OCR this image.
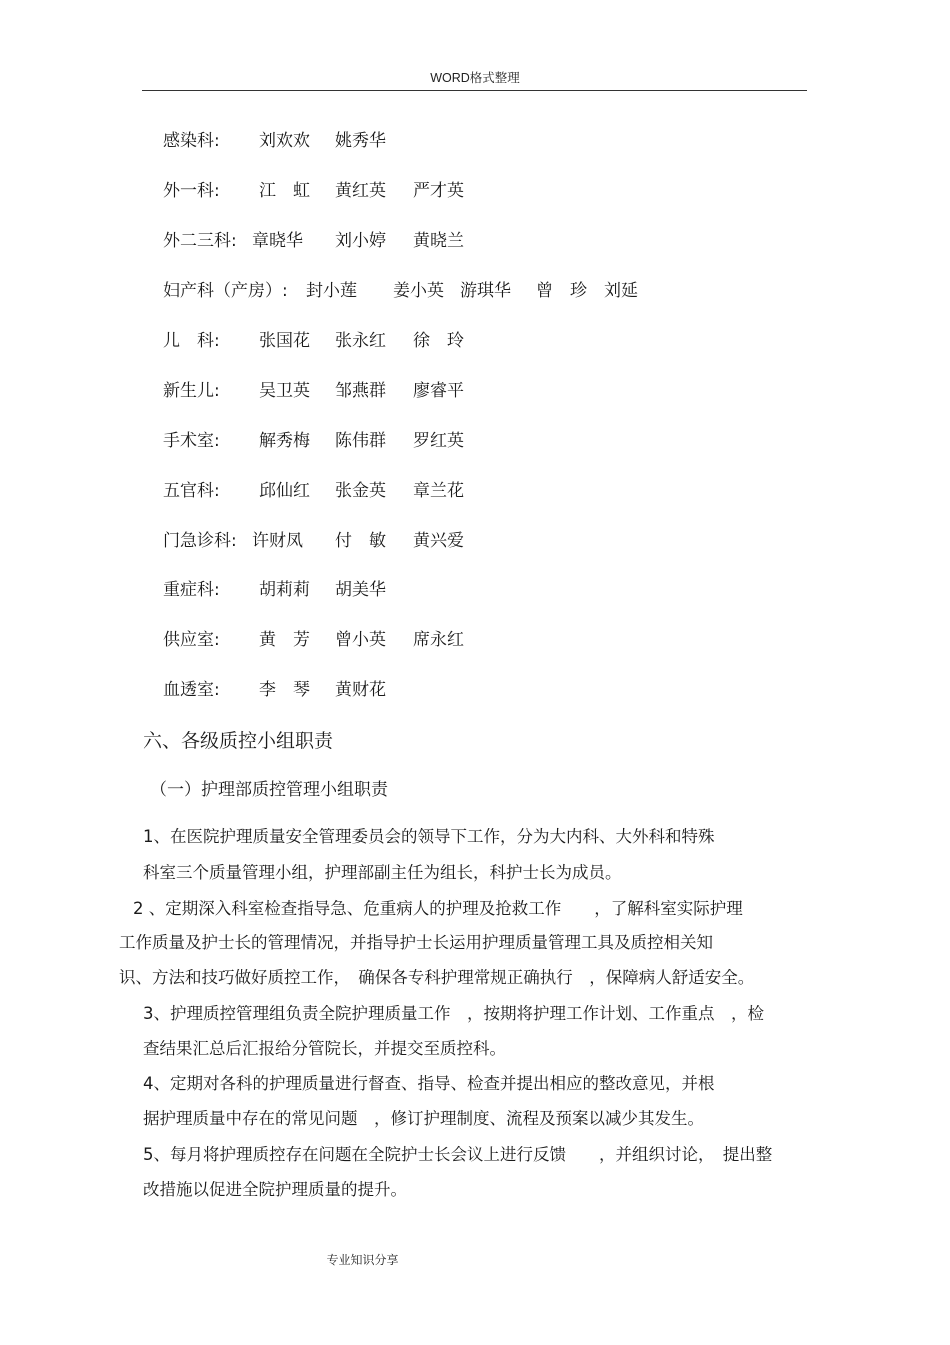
WORD格式整理
感染科: 刘欢欢 姚秀华
外一科: 江　虹 黄红英 严才英
外二三科: 章晓华 刘小婷 黄晓兰
妇产科（产房）: 封小莲 姜小英 游琪华 曾　珍 刘延
儿　科: 张国花 张永红 徐　玲
新生儿: 吴卫英 邹燕群 廖睿平
手术室: 解秀梅 陈伟群 罗红英
五官科: 邱仙红 张金英 章兰花
门急诊科: 许财凤 付　敏 黄兴爱
重症科: 胡莉莉 胡美华
供应室: 黄　芳 曾小英 席永红
血透室: 李　琴 黄财花
六、各级质控小组职责
（一）护理部质控管理小组职责
1、在医院护理质量安全管理委员会的领导下工作，分为大内科、大外科和特殊
科室三个质量管理小组，护理部副主任为组长，科护士长为成员。
2 、定期深入科室检查指导急、危重病人的护理及抢救工作　　，了解科室实际护理
工作质量及护士长的管理情况，并指导护士长运用护理质量管理工具及质控相关知
识、方法和技巧做好质控工作，　确保各专科护理常规正确执行　，保障病人舒适安全。
3、护理质控管理组负责全院护理质量工作　，按期将护理工作计划、工作重点　，检
查结果汇总后汇报给分管院长，并提交至质控科。
4、定期对各科的护理质量进行督查、指导、检查并提出相应的整改意见，并根
据护理质量中存在的常见问题　，修订护理制度、流程及预案以减少其发生。
5、每月将护理质控存在问题在全院护士长会议上进行反馈　　，并组织讨论，　提出整
改措施以促进全院护理质量的提升。
专业知识分享
